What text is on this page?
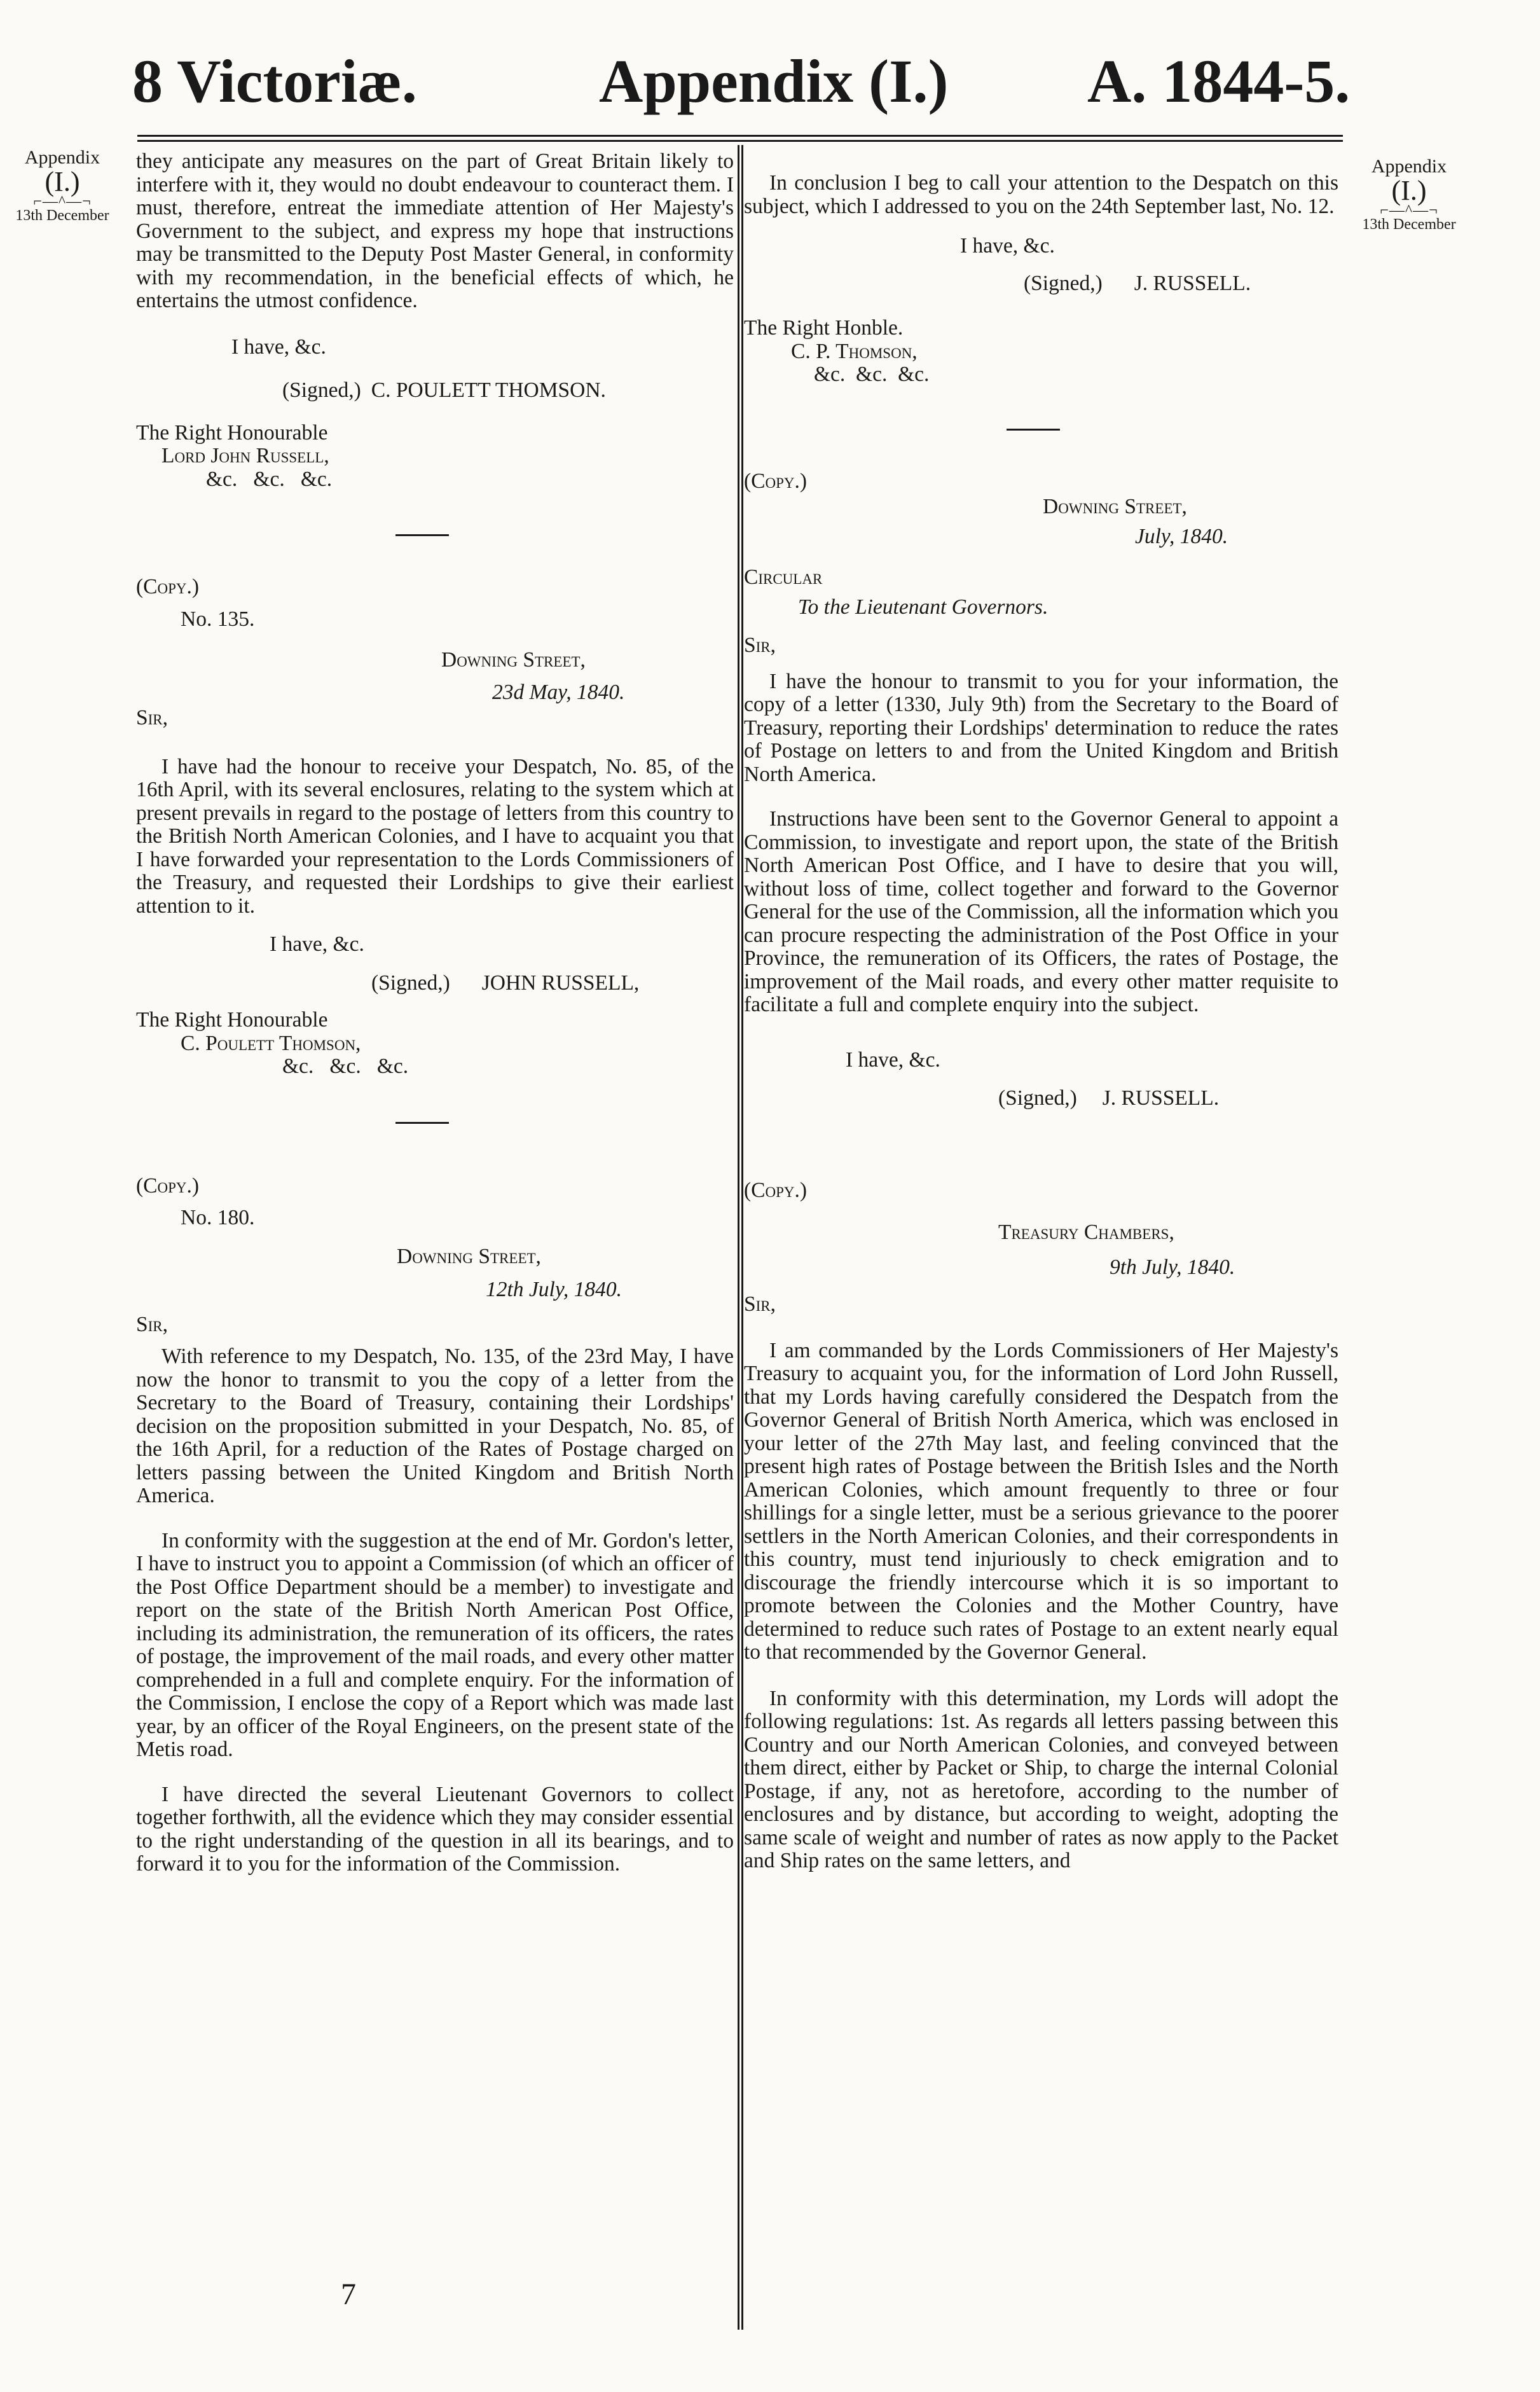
8 Victoriæ.	Appendix (I.) A. 1844-5.
Appendix
(I.)
⌐—^—¬
13th December
Appendix
(I.)
⌐—^—¬
13th December

they anticipate any measures on the part of Great Britain likely to interfere with it, they would no doubt endeavour to counteract them. I must, therefore, entreat the immediate attention of Her Majesty's Government to the subject, and express my hope that instructions may be transmitted to the Deputy Post Master General, in conformity with my recommendation, in the beneficial effects of which, he entertains the utmost confidence.

I have, &c.

(Signed,) C. POULETT THOMSON.

The Right Honourable

Lord John Russell,

&c.   &c.   &c.

(Copy.)

No. 135.

Downing Street,

23d May, 1840.

Sir,

I have had the honour to receive your Despatch, No. 85, of the 16th April, with its several enclosures, relating to the system which at present prevails in regard to the postage of letters from this country to the British North American Colonies, and I have to acquaint you that I have forwarded your representation to the Lords Commissioners of the Treasury, and requested their Lordships to give their earliest attention to it.

I have, &c.

(Signed,) JOHN RUSSELL,

The Right Honourable

C. Poulett Thomson,

&c.   &c.   &c.

(Copy.)

No. 180.

Downing Street,

12th July, 1840.

Sir,

With reference to my Despatch, No. 135, of the 23rd May, I have now the honor to transmit to you the copy of a letter from the Secretary to the Board of Treasury, containing their Lordships' decision on the proposition submitted in your Despatch, No. 85, of the 16th April, for a reduction of the Rates of Postage charged on letters passing between the United Kingdom and British North America.

In conformity with the suggestion at the end of Mr. Gordon's letter, I have to instruct you to appoint a Commission (of which an officer of the Post Office Department should be a member) to investigate and report on the state of the British North American Post Office, including its administration, the remuneration of its officers, the rates of postage, the improvement of the mail roads, and every other matter comprehended in a full and complete enquiry. For the information of the Commission, I enclose the copy of a Report which was made last year, by an officer of the Royal Engineers, on the present state of the Metis road.

I have directed the several Lieutenant Governors to collect together forthwith, all the evidence which they may consider essential to the right understanding of the question in all its bearings, and to forward it to you for the information of the Commission.

In conclusion I beg to call your attention to the Despatch on this subject, which I addressed to you on the 24th September last, No. 12.

I have, &c.

(Signed,) J. RUSSELL.

The Right Honble.

C. P. Thomson,

&c.  &c.  &c.

(Copy.)

Downing Street,

July, 1840.

Circular

To the Lieutenant Governors.

Sir,

I have the honour to transmit to you for your information, the copy of a letter (1330, July 9th) from the Secretary to the Board of Treasury, reporting their Lordships' determination to reduce the rates of Postage on letters to and from the United Kingdom and British North America.

Instructions have been sent to the Governor General to appoint a Commission, to investigate and report upon, the state of the British North American Post Office, and I have to desire that you will, without loss of time, collect together and forward to the Governor General for the use of the Commission, all the information which you can procure respecting the administration of the Post Office in your Province, the remuneration of its Officers, the rates of Postage, the improvement of the Mail roads, and every other matter requisite to facilitate a full and complete enquiry into the subject.

I have, &c.

(Signed,) J. RUSSELL.

(Copy.)

Treasury Chambers,

9th July, 1840.

Sir,

I am commanded by the Lords Commissioners of Her Majesty's Treasury to acquaint you, for the information of Lord John Russell, that my Lords having carefully considered the Despatch from the Governor General of British North America, which was enclosed in your letter of the 27th May last, and feeling convinced that the present high rates of Postage between the British Isles and the North American Colonies, which amount frequently to three or four shillings for a single letter, must be a serious grievance to the poorer settlers in the North American Colonies, and their correspondents in this country, must tend injuriously to check emigration and to discourage the friendly intercourse which it is so important to promote between the Colonies and the Mother Country, have determined to reduce such rates of Postage to an extent nearly equal to that recommended by the Governor General.

In conformity with this determination, my Lords will adopt the following regulations: 1st. As regards all letters passing between this Country and our North American Colonies, and conveyed between them direct, either by Packet or Ship, to charge the internal Colonial Postage, if any, not as heretofore, according to the number of enclosures and by distance, but according to weight, adopting the same scale of weight and number of rates as now apply to the Packet and Ship rates on the same letters, and

7
